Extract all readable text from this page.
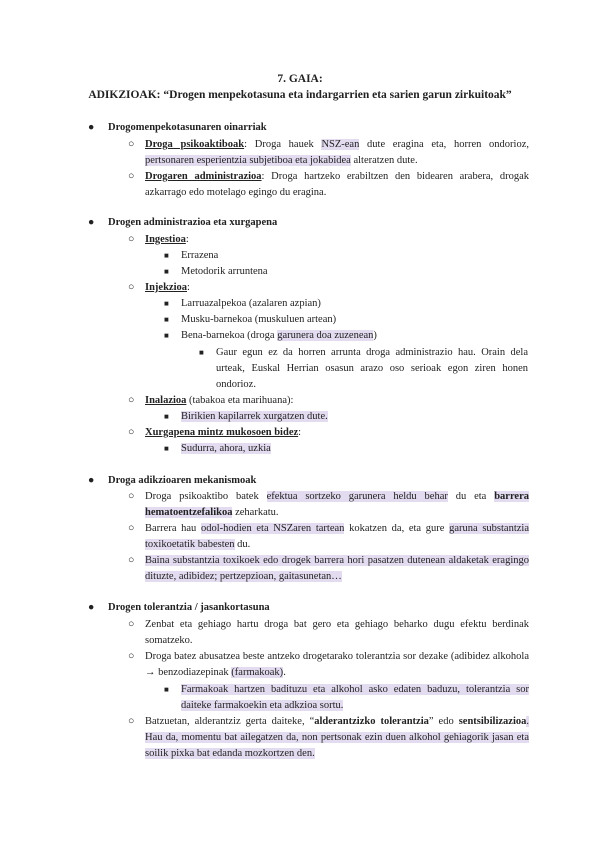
7. GAIA:
ADIKZIOAK: “Drogen menpekotasuna eta indargarrien eta sarien garun zirkuitoak”
● Drogomenpekotasunaren oinarriak
○ Droga psikoaktiboak: Droga hauek NSZ-ean dute eragina eta, horren ondorioz, pertsonaren esperientzia subjetiboa eta jokabidea alteratzen dute.
○ Drogaren administrazioa: Droga hartzeko erabiltzen den bidearen arabera, drogak azkarrago edo motelago egingo du eragina.
● Drogen administrazioa eta xurgapena
○ Ingestioa:
■ Errazena
■ Metodorik arruntena
○ Injekzioa:
■ Larruazalpekoa (azalaren azpian)
■ Musku-barnekoa (muskuluen artean)
■ Bena-barnekoa (droga garunera doa zuzenean)
■ Gaur egun ez da horren arrunta droga administrazio hau. Orain dela urteak, Euskal Herrian osasun arazo oso serioak egon ziren honen ondorioz.
○ Inalazioa (tabakoa eta marihuana):
■ Birikien kapilarrek xurgatzen dute.
○ Xurgapena mintz mukosoen bidez:
■ Sudurra, ahora, uzkia
● Droga adikzioaren mekanismoak
○ Droga psikoaktibo batek efektua sortzeko garunera heldu behar du eta barrera hematoentzefalikoa zeharkatu.
○ Barrera hau odol-hodien eta NSZaren tartean kokatzen da, eta gure garuna substantzia toxikoetatik babesten du.
○ Baina substantzia toxikoek edo drogek barrera hori pasatzen dutenean aldaketak eragingo dituzte, adibidez; pertzepzioan, gaitasunetan…
● Drogen tolerantzia / jasankortasuna
○ Zenbat eta gehiago hartu droga bat gero eta gehiago beharko dugu efektu berdinak somatzeko.
○ Droga batez abusatzea beste antzeko drogetarako tolerantzia sor dezake (adibidez alkohola → benzodiazepinak (farmakoak).
■ Farmakoak hartzen badituzu eta alkohol asko edaten baduzu, tolerantzia sor daiteke farmakoekin eta adkzioa sortu.
○ Batzuetan, alderantziz gerta daiteke, “alderantzizko tolerantzia” edo sentsibilizazioa. Hau da, momentu bat ailegatzen da, non pertsonak ezin duen alkohol gehiagorik jasan eta soilik pixka bat edanda mozkortzen den.
